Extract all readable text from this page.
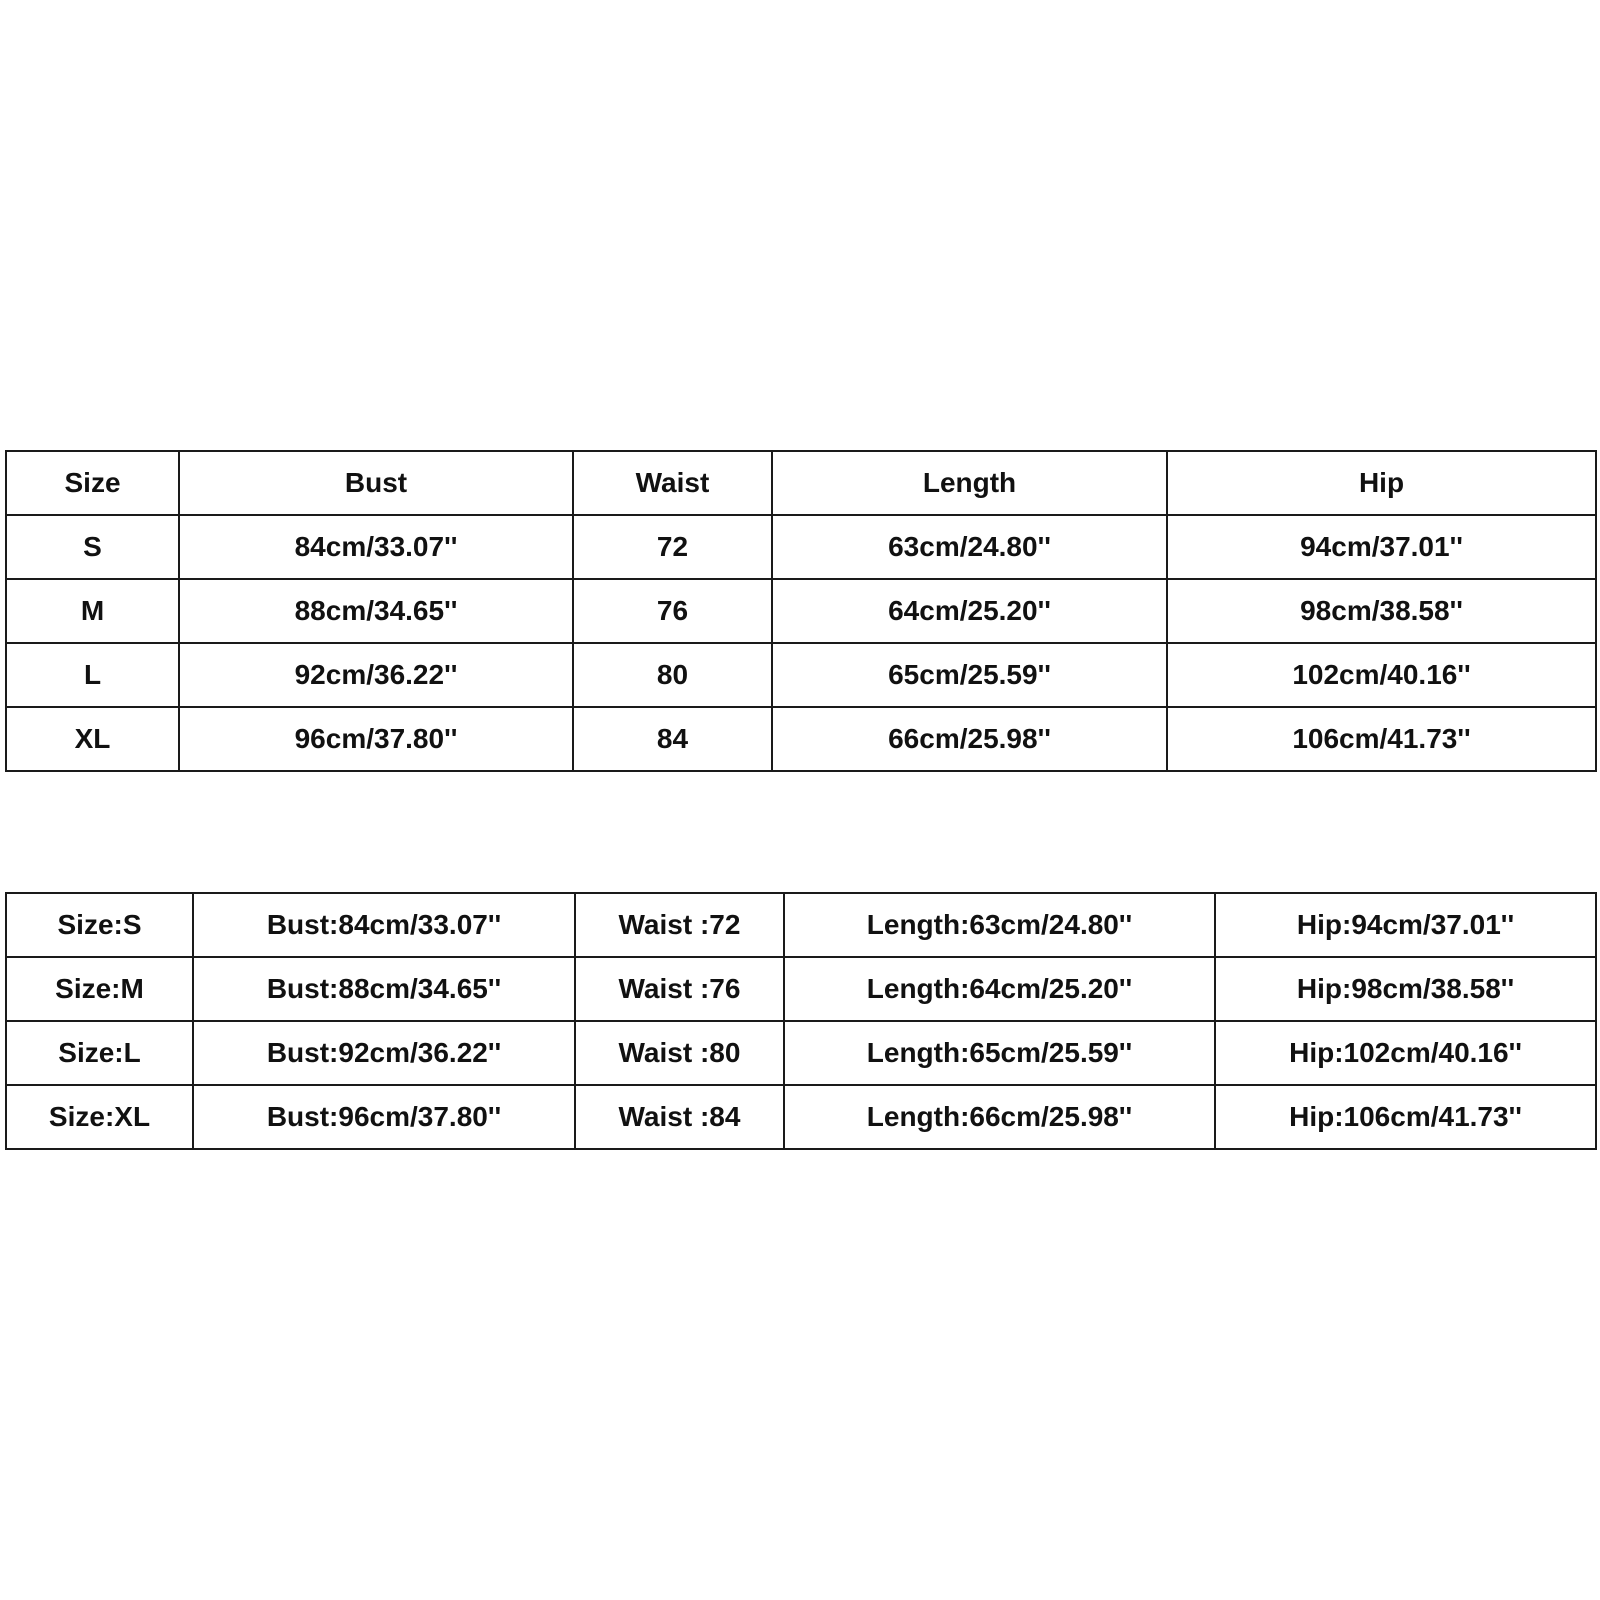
Size	Bust	Waist	Length	Hip
S	84cm/33.07''	72	63cm/24.80''	94cm/37.01''
M	88cm/34.65''	76	64cm/25.20''	98cm/38.58''
L	92cm/36.22''	80	65cm/25.59''	102cm/40.16''
XL	96cm/37.80''	84	66cm/25.98''	106cm/41.73''
Size:S	Bust:84cm/33.07''	Waist :72	Length:63cm/24.80''	Hip:94cm/37.01''
Size:M	Bust:88cm/34.65''	Waist :76	Length:64cm/25.20''	Hip:98cm/38.58''
Size:L	Bust:92cm/36.22''	Waist :80	Length:65cm/25.59''	Hip:102cm/40.16''
Size:XL	Bust:96cm/37.80''	Waist :84	Length:66cm/25.98''	Hip:106cm/41.73''
